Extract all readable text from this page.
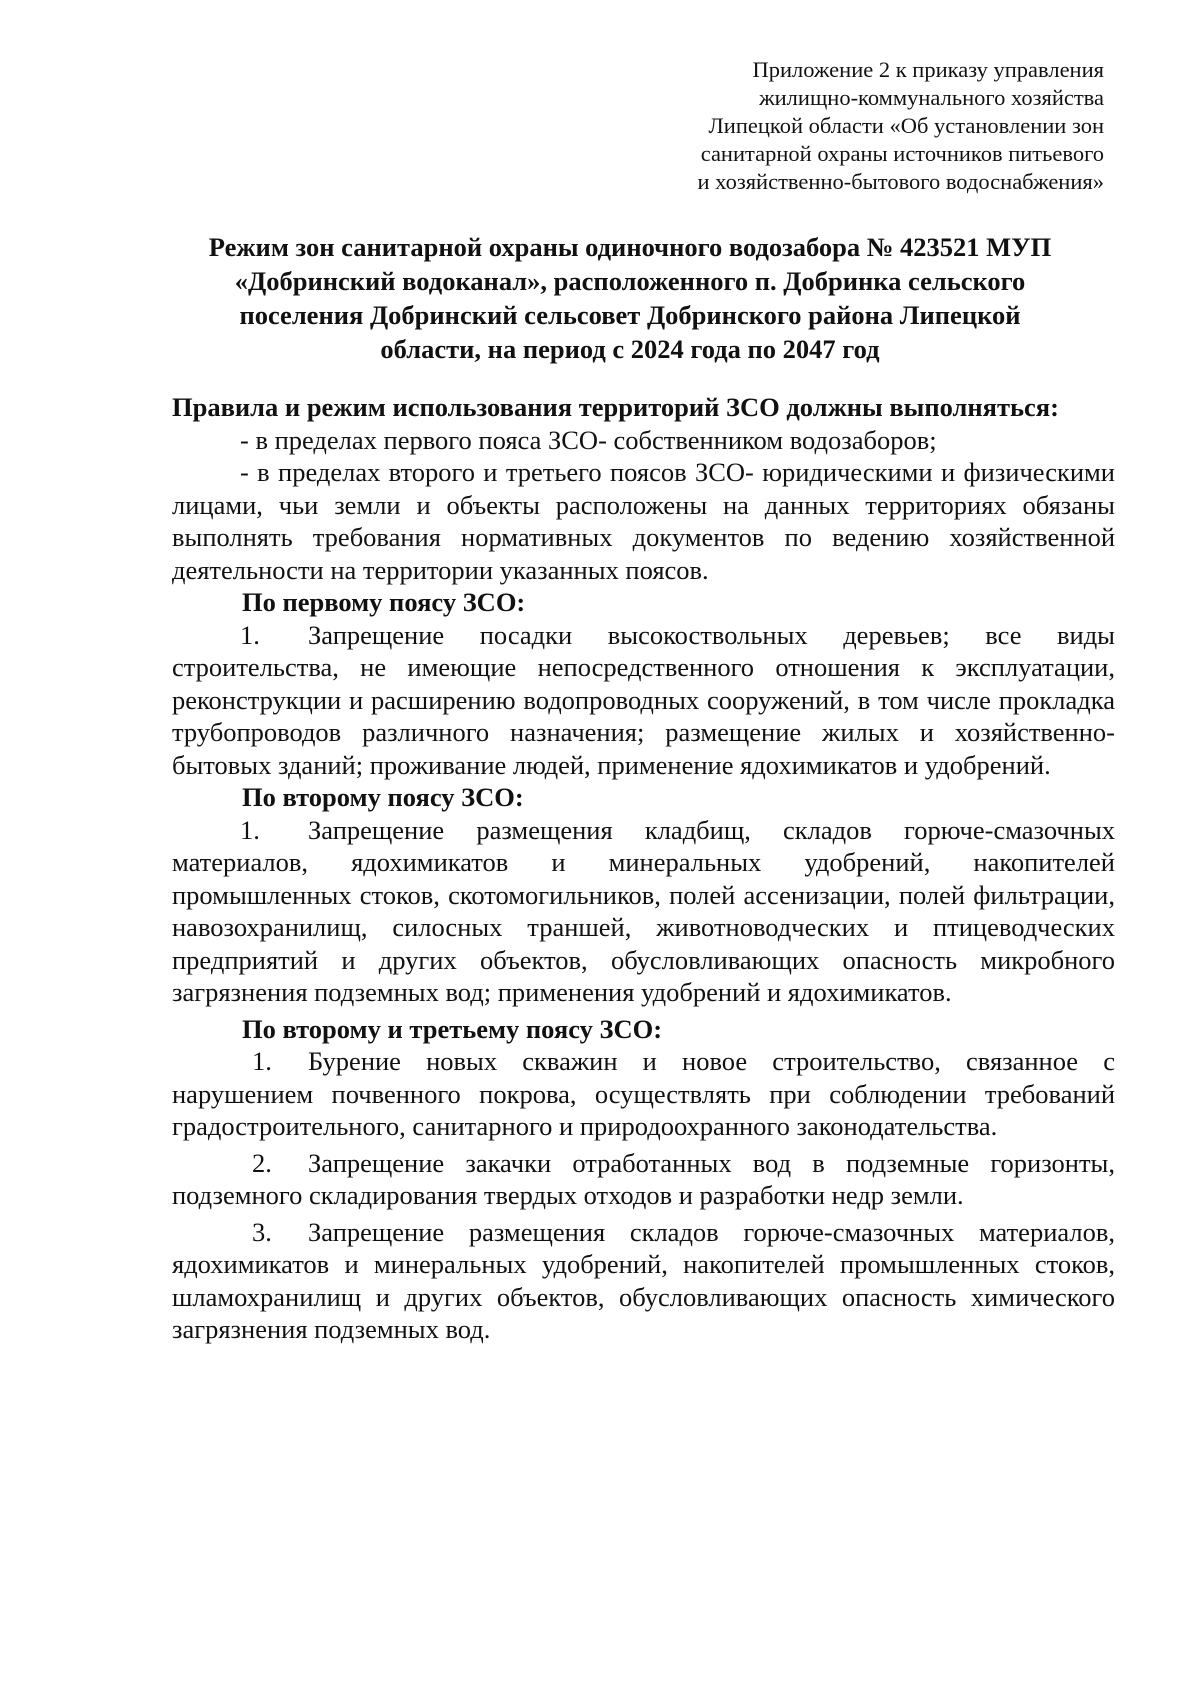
Приложение 2 к приказу управления
жилищно-коммунального хозяйства
Липецкой области «Об установлении зон
санитарной охраны источников питьевого
и хозяйственно-бытового водоснабжения»
Режим зон санитарной охраны одиночного водозабора № 423521 МУП
«Добринский водоканал», расположенного п. Добринка сельского
поселения Добринский сельсовет Добринского района Липецкой
области, на период с 2024 года по 2047 год
Правила и режим использования территорий ЗСО должны выполняться:

- в пределах первого пояса ЗСО- собственником водозаборов;

- в пределах второго и третьего поясов ЗСО- юридическими и физическими лицами, чьи земли и объекты расположены на данных территориях обязаны выполнять требования нормативных документов по ведению хозяйственной деятельности на территории указанных поясов.

По первому поясу ЗСО:

1. Запрещение посадки высокоствольных деревьев; все виды строительства, не имеющие непосредственного отношения к эксплуатации, реконструкции и расширению водопроводных сооружений, в том числе прокладка трубопроводов различного назначения; размещение жилых и хозяйственно-бытовых зданий; проживание людей, применение ядохимикатов и удобрений.

По второму поясу ЗСО:

1. Запрещение размещения кладбищ, складов горюче-смазочных материалов, ядохимикатов и минеральных удобрений, накопителей промышленных стоков, скотомогильников, полей ассенизации, полей фильтрации, навозохранилищ, силосных траншей, животноводческих и птицеводческих предприятий и других объектов, обусловливающих опасность микробного загрязнения подземных вод; применения удобрений и ядохимикатов.

По второму и третьему поясу ЗСО:

1. Бурение новых скважин и новое строительство, связанное с нарушением почвенного покрова, осуществлять при соблюдении требований градостроительного, санитарного и природоохранного законодательства.

2. Запрещение закачки отработанных вод в подземные горизонты, подземного складирования твердых отходов и разработки недр земли.

3. Запрещение размещения складов горюче-смазочных материалов, ядохимикатов и минеральных удобрений, накопителей промышленных стоков, шламохранилищ и других объектов, обусловливающих опасность химического загрязнения подземных вод.
